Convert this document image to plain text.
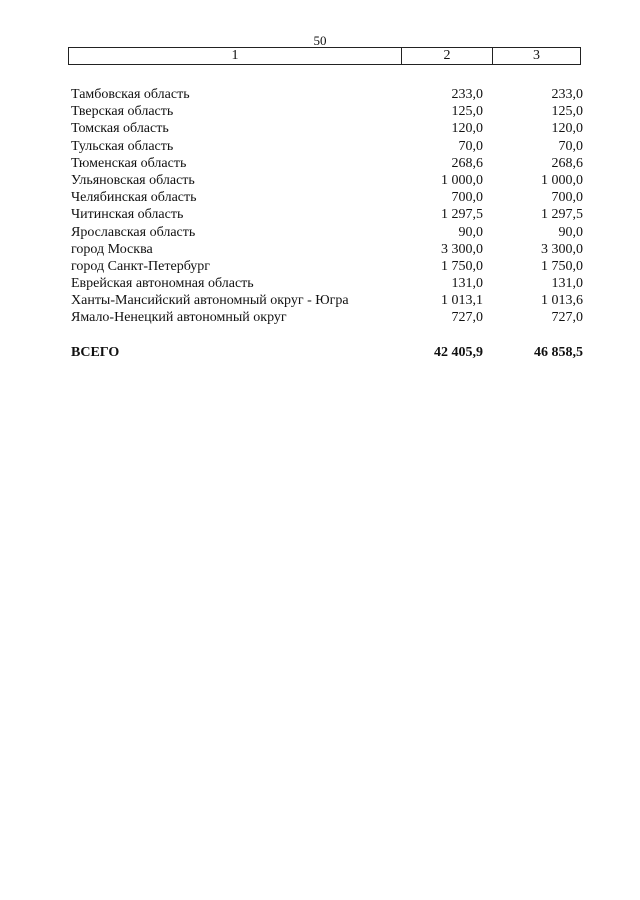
50
1	2	3
Тамбовская область	233,0	233,0
Тверская область	125,0	125,0
Томская область	120,0	120,0
Тульская область	70,0	70,0
Тюменская область	268,6	268,6
Ульяновская область	1 000,0	1 000,0
Челябинская область	700,0	700,0
Читинская область	1 297,5	1 297,5
Ярославская область	90,0	90,0
город Москва	3 300,0	3 300,0
город Санкт-Петербург	1 750,0	1 750,0
Еврейская автономная область	131,0	131,0
Ханты-Мансийский автономный округ - Югра	1 013,1	1 013,6
Ямало-Ненецкий автономный округ	727,0	727,0
ВСЕГО	42 405,9	46 858,5
